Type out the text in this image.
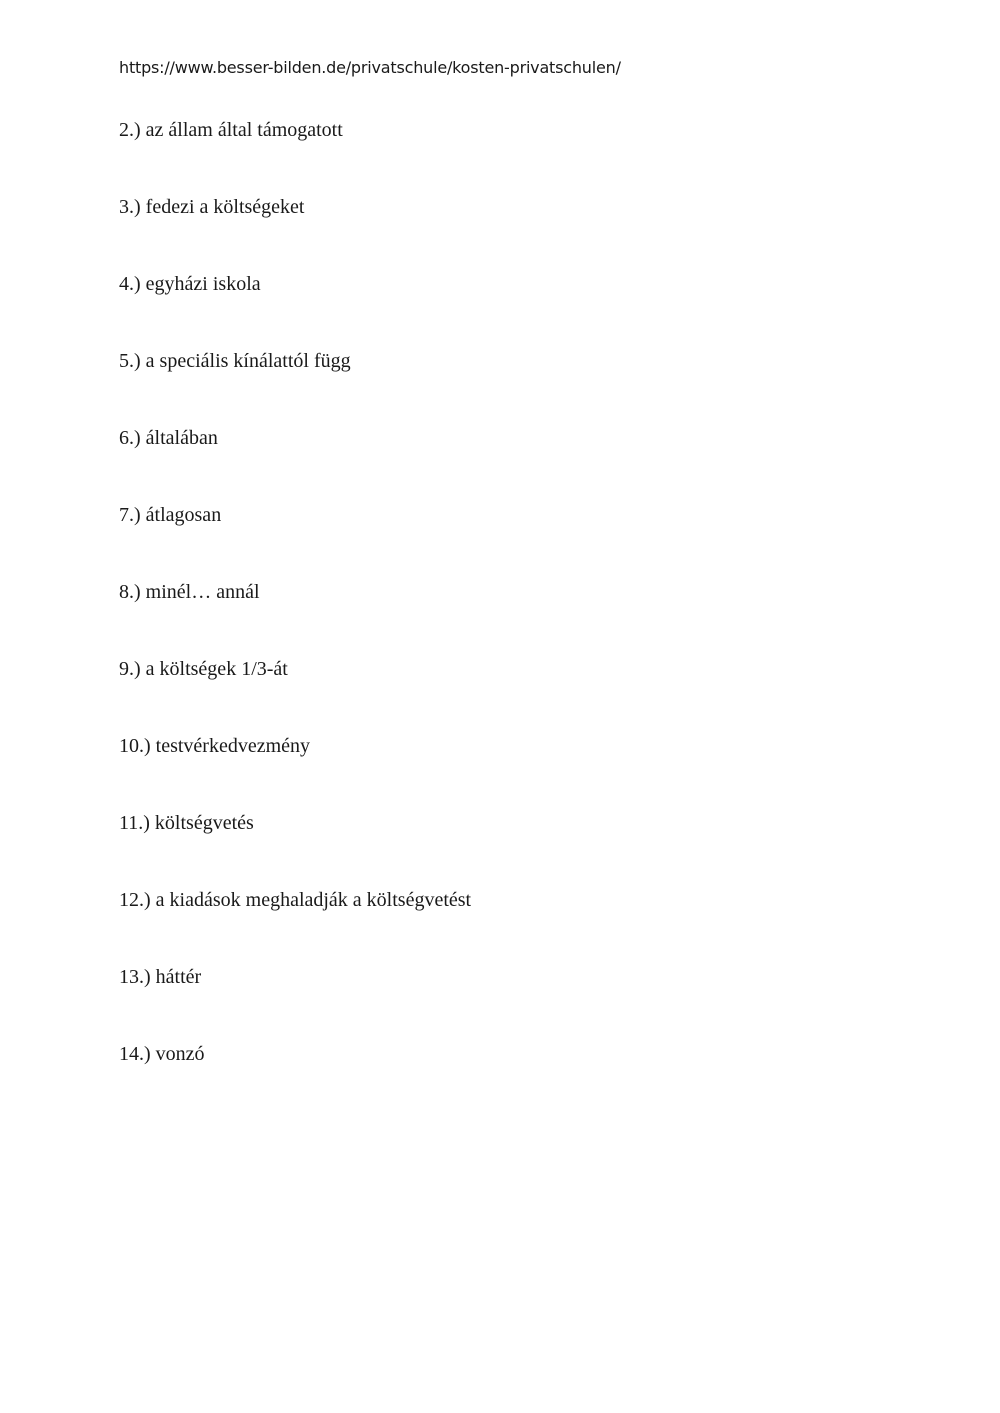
https://www.besser-bilden.de/privatschule/kosten-privatschulen/
2.) az állam által támogatott
3.) fedezi a költségeket
4.) egyházi iskola
5.) a speciális kínálattól függ
6.) általában
7.) átlagosan
8.) minél… annál
9.) a költségek 1/3-át
10.) testvérkedvezmény
11.) költségvetés
12.) a kiadások meghaladják a költségvetést
13.) háttér
14.) vonzó
